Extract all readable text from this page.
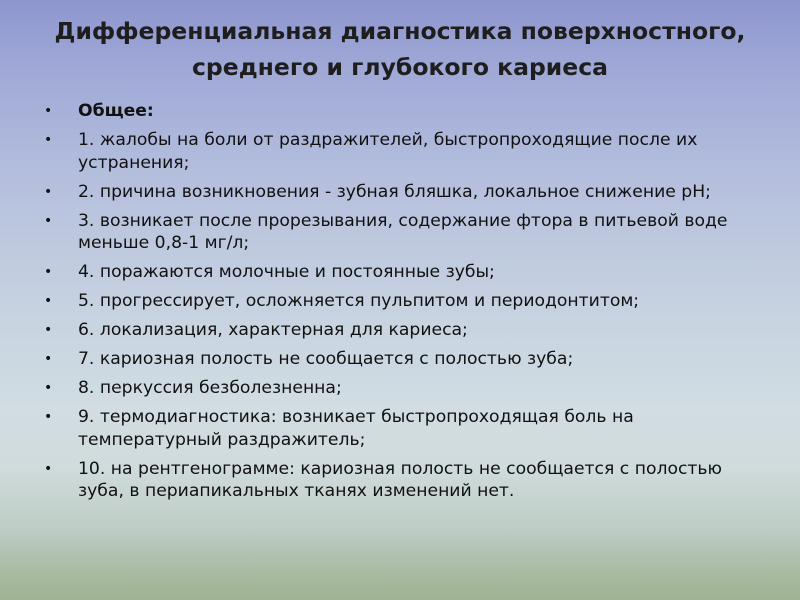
Дифференциальная диагностика поверхностного,
среднего и глубокого кариеса
• Общее:
• 1. жалобы на боли от раздражителей, быстропроходящие после их устранения;
• 2. причина возникновения - зубная бляшка, локальное снижение pH;
• 3. возникает после прорезывания, содержание фтора в питьевой воде меньше 0,8-1 мг/л;
• 4. поражаются молочные и постоянные зубы;
• 5. прогрессирует, осложняется пульпитом и периодонтитом;
• 6. локализация, характерная для кариеса;
• 7. кариозная полость не сообщается с полостью зуба;
• 8. перкуссия безболезненна;
• 9. термодиагностика: возникает быстропроходящая боль на температурный раздражитель;
• 10. на рентгенограмме: кариозная полость не сообщается с полостью зуба, в периапикальных тканях изменений нет.
